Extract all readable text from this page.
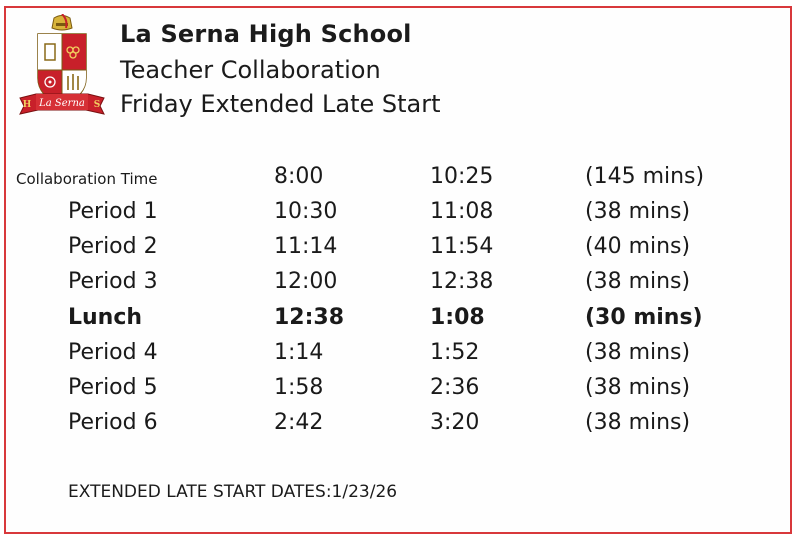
La Serna
H	S
La Serna High School
Teacher Collaboration
Friday Extended Late Start
Collaboration Time	8:00	10:25	(145 mins)
Period 1	10:30	11:08	(38 mins)
Period 2	11:14	11:54	(40 mins)
Period 3	12:00	12:38	(38 mins)
Lunch	12:38	1:08	(30 mins)
Period 4	1:14	1:52	(38 mins)
Period 5	1:58	2:36	(38 mins)
Period 6	2:42	3:20	(38 mins)
EXTENDED LATE START DATES:1/23/26
